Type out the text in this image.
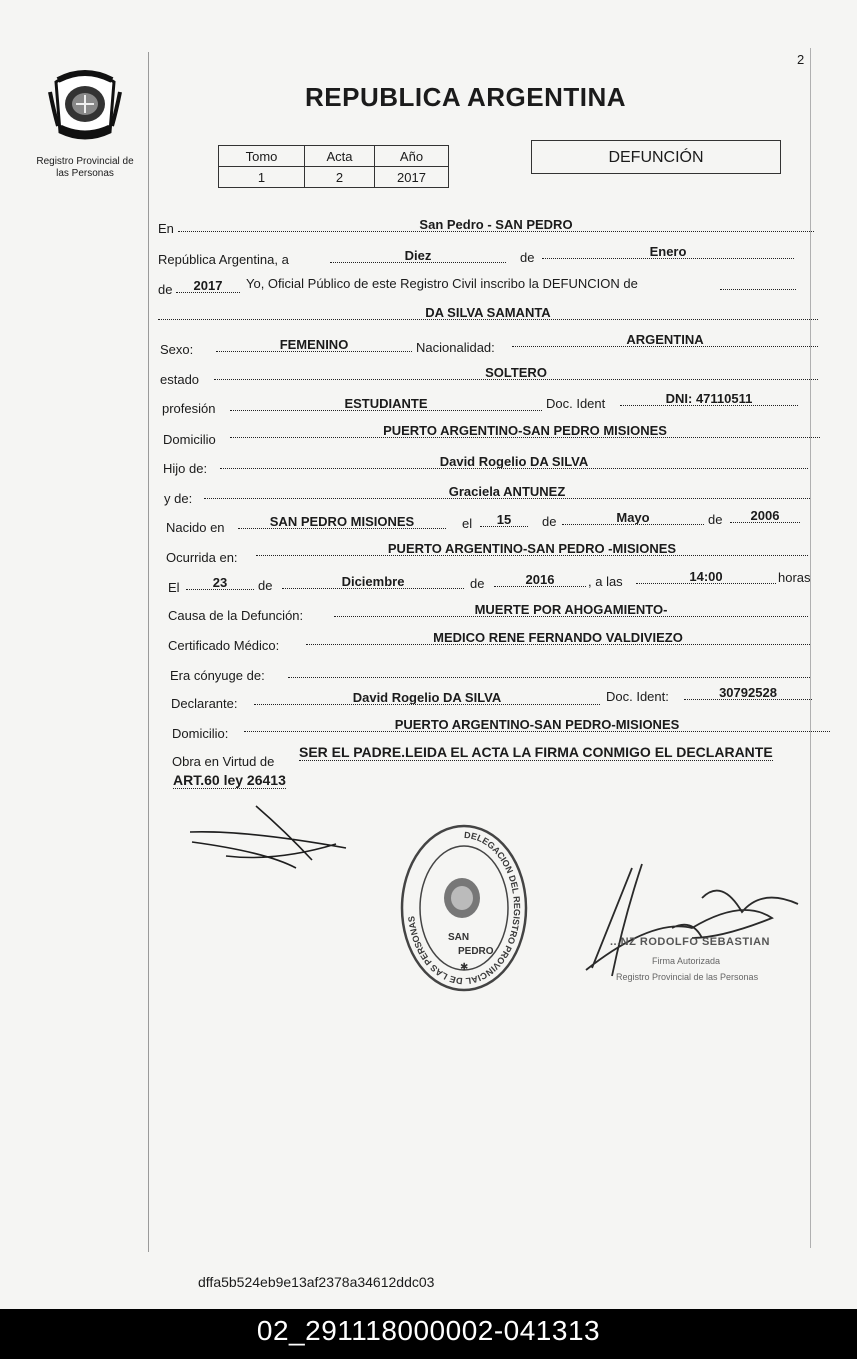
2
Registro Provincial de
las Personas
REPUBLICA ARGENTINA
Tomo	Acta	Año
1	2	2017
DEFUNCIÓN
En	San Pedro - SAN PEDRO
República Argentina, a	Diez	de	Enero
de	2017	Yo, Oficial Público de este Registro Civil inscribo la DEFUNCION de
DA SILVA SAMANTA
Sexo:	FEMENINO	Nacionalidad:
ARGENTINA
estado	SOLTERO
profesión	ESTUDIANTE	Doc. Ident	DNI: 47110511
Domicilio
PUERTO ARGENTINO-SAN PEDRO MISIONES
Hijo de:	David Rogelio DA SILVA
y de:	Graciela ANTUNEZ
Nacido en	SAN PEDRO MISIONES	el	15	de	Mayo	de	2006
Ocurrida en:
PUERTO ARGENTINO-SAN PEDRO -MISIONES
El	23	de	Diciembre	de	2016	, a las	14:00	horas
Causa de la Defunción:	MUERTE POR AHOGAMIENTO-
Certificado Médico:
MEDICO RENE FERNANDO VALDIVIEZO
Era cónyuge de:
Declarante:	David Rogelio DA SILVA	Doc. Ident:	30792528
Domicilio:
PUERTO ARGENTINO-SAN PEDRO-MISIONES
Obra en Virtud de
SER EL PADRE.LEIDA EL ACTA LA FIRMA CONMIGO EL DECLARANTE
ART.60 ley 26413
DELEGACION DEL REGISTRO PROVINCIAL DE LAS PERSONAS
SAN
PEDRO
✱
...NZ RODOLFO SEBASTIAN
Firma Autorizada
Registro Provincial de las Personas
dffa5b524eb9e13af2378a34612ddc03
02_291118000002-041313
